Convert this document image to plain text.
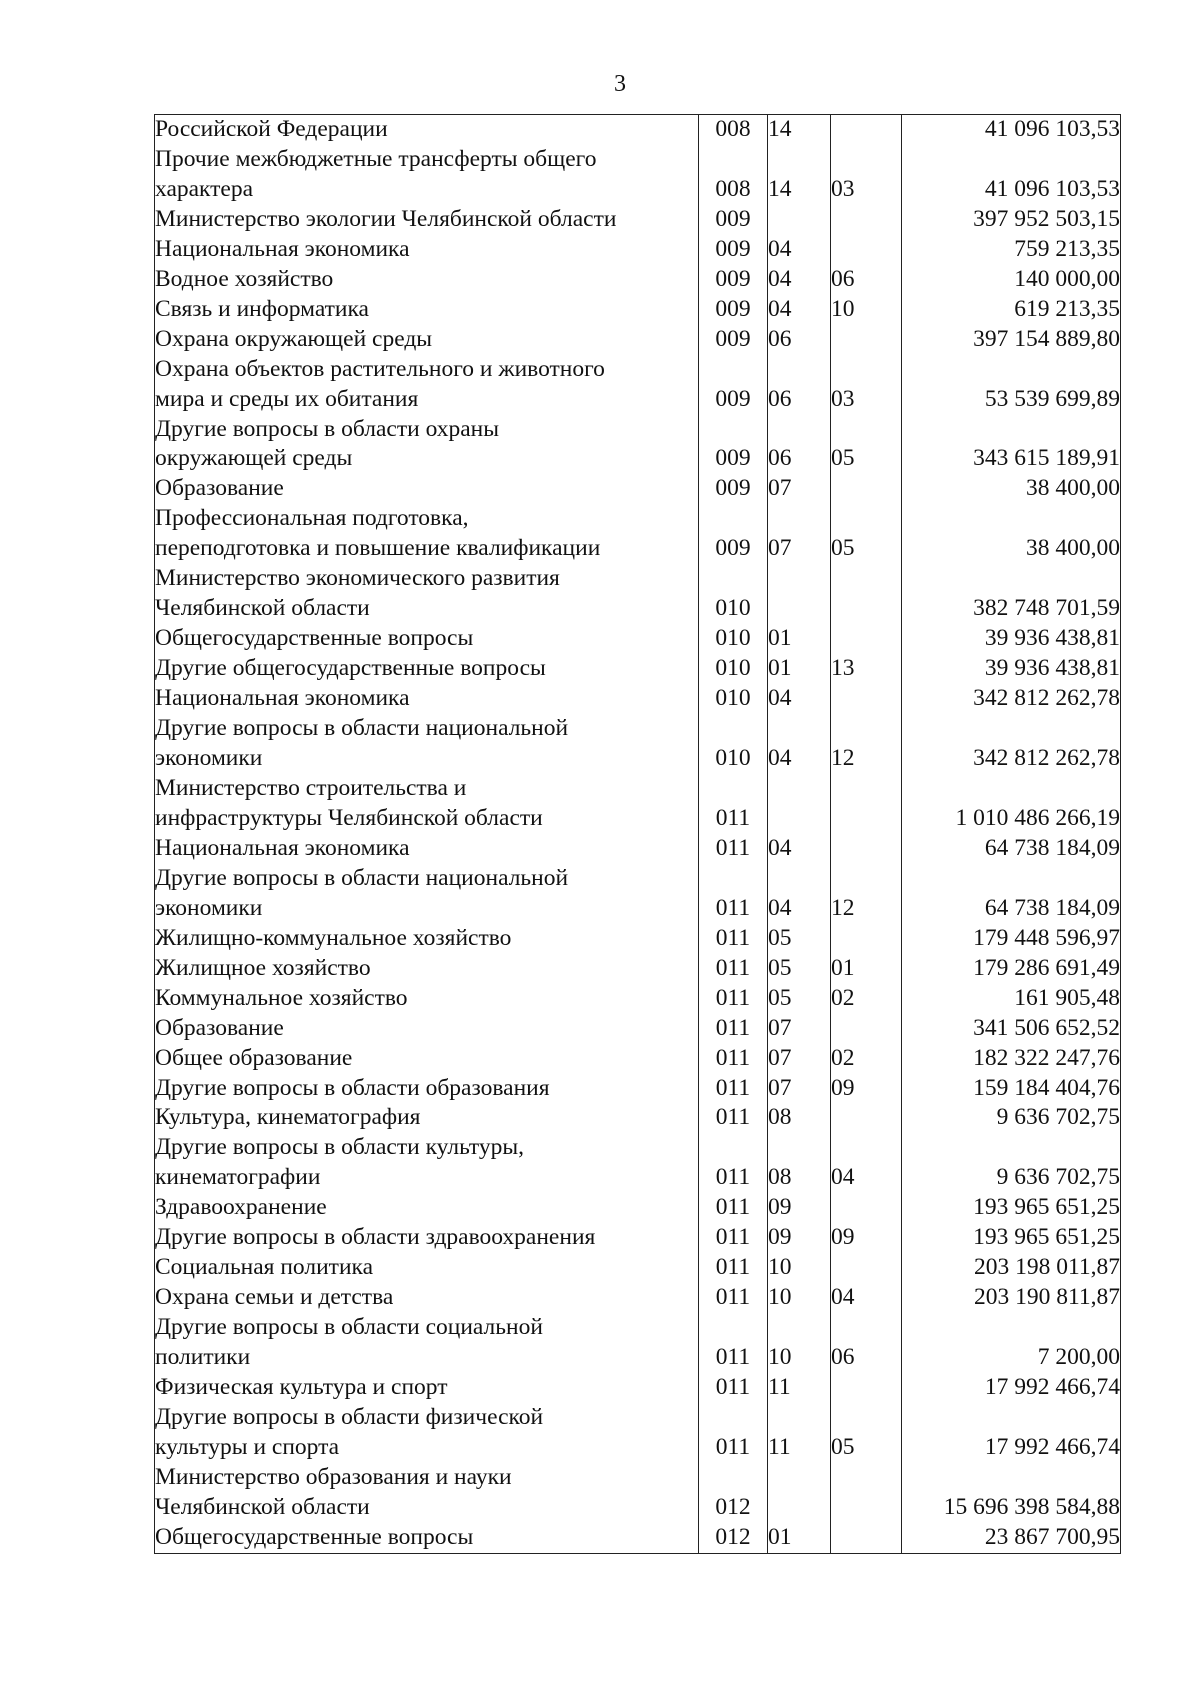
3
Российской Федерации	008	14		41 096 103,53

Прочие межбюджетные трансферты общего
характера	008	14	03	41 096 103,53

Министерство экологии Челябинской области	009			397 952 503,15

Национальная экономика	009	04		759 213,35

Водное хозяйство	009	04	06	140 000,00

Связь и информатика	009	04	10	619 213,35

Охрана окружающей среды	009	06		397 154 889,80

Охрана объектов растительного и животного
мира и среды их обитания	009	06	03	53 539 699,89

Другие вопросы в области охраны
окружающей среды	009	06	05	343 615 189,91

Образование	009	07		38 400,00

Профессиональная подготовка,
переподготовка и повышение квалификации	009	07	05	38 400,00

Министерство экономического развития
Челябинской области	010			382 748 701,59

Общегосударственные вопросы	010	01		39 936 438,81

Другие общегосударственные вопросы	010	01	13	39 936 438,81

Национальная экономика	010	04		342 812 262,78

Другие вопросы в области национальной
экономики	010	04	12	342 812 262,78

Министерство строительства и
инфраструктуры Челябинской области	011			1 010 486 266,19

Национальная экономика	011	04		64 738 184,09

Другие вопросы в области национальной
экономики	011	04	12	64 738 184,09

Жилищно-коммунальное хозяйство	011	05		179 448 596,97

Жилищное хозяйство	011	05	01	179 286 691,49

Коммунальное хозяйство	011	05	02	161 905,48

Образование	011	07		341 506 652,52

Общее образование	011	07	02	182 322 247,76

Другие вопросы в области образования	011	07	09	159 184 404,76

Культура, кинематография	011	08		9 636 702,75

Другие вопросы в области культуры,
кинематографии	011	08	04	9 636 702,75

Здравоохранение	011	09		193 965 651,25

Другие вопросы в области здравоохранения	011	09	09	193 965 651,25

Социальная политика	011	10		203 198 011,87

Охрана семьи и детства	011	10	04	203 190 811,87

Другие вопросы в области социальной
политики	011	10	06	7 200,00

Физическая культура и спорт	011	11		17 992 466,74

Другие вопросы в области физической
культуры и спорта	011	11	05	17 992 466,74

Министерство образования и науки
Челябинской области	012			15 696 398 584,88

Общегосударственные вопросы	012	01		23 867 700,95
